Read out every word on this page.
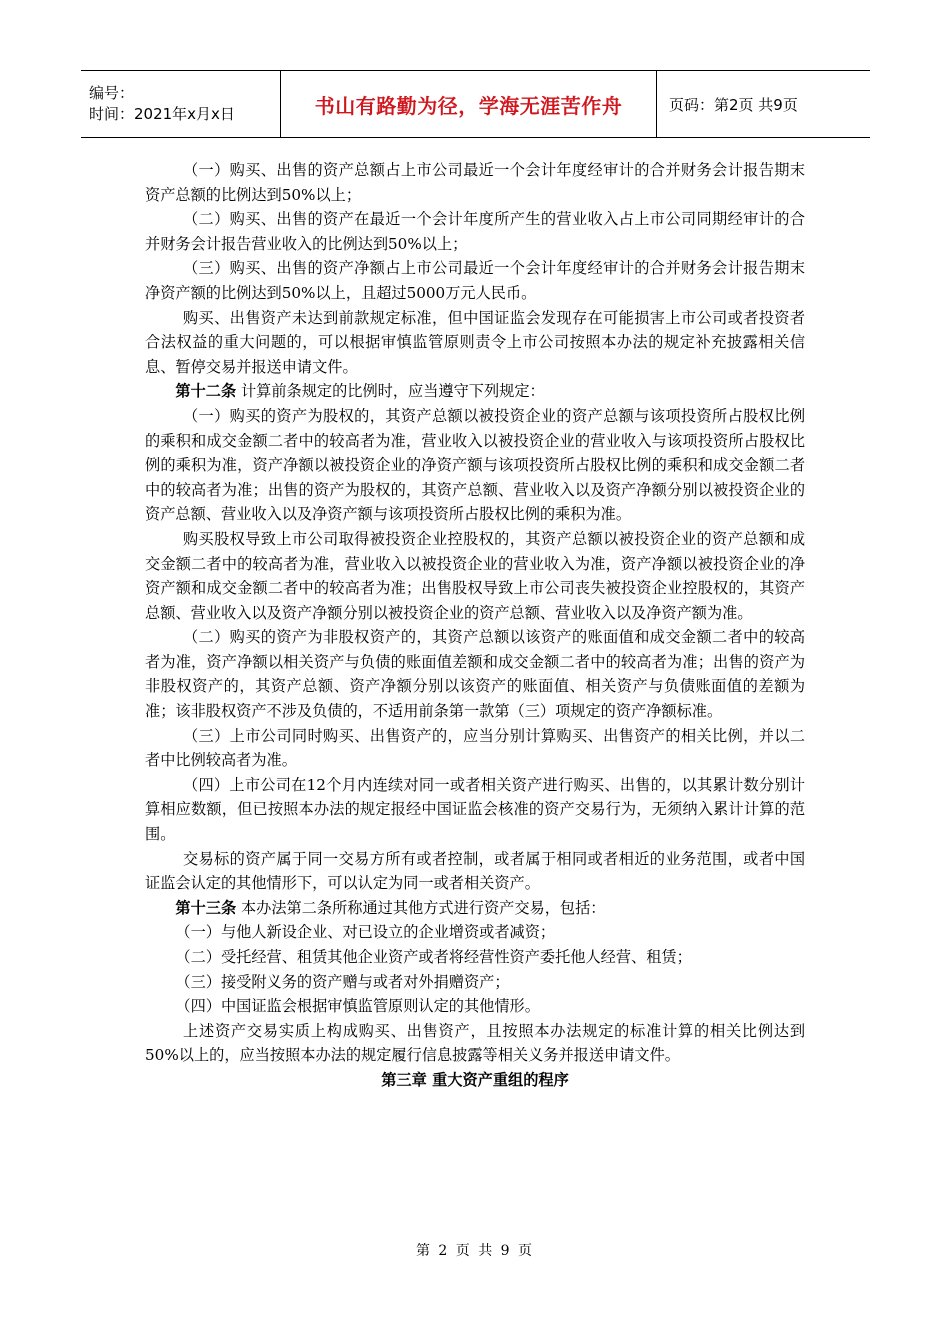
编号：
时间：2021年x月x日	书山有路勤为径，学海无涯苦作舟	页码：第2页 共9页

（一）购买、出售的资产总额占上市公司最近一个会计年度经审计的合并财务会计报告期末资产总额的比例达到50%以上；

（二）购买、出售的资产在最近一个会计年度所产生的营业收入占上市公司同期经审计的合并财务会计报告营业收入的比例达到50%以上；

（三）购买、出售的资产净额占上市公司最近一个会计年度经审计的合并财务会计报告期末净资产额的比例达到50%以上，且超过5000万元人民币。

购买、出售资产未达到前款规定标准，但中国证监会发现存在可能损害上市公司或者投资者合法权益的重大问题的，可以根据审慎监管原则责令上市公司按照本办法的规定补充披露相关信息、暂停交易并报送申请文件。

第十二条 计算前条规定的比例时，应当遵守下列规定：

（一）购买的资产为股权的，其资产总额以被投资企业的资产总额与该项投资所占股权比例的乘积和成交金额二者中的较高者为准，营业收入以被投资企业的营业收入与该项投资所占股权比例的乘积为准，资产净额以被投资企业的净资产额与该项投资所占股权比例的乘积和成交金额二者中的较高者为准；出售的资产为股权的，其资产总额、营业收入以及资产净额分别以被投资企业的资产总额、营业收入以及净资产额与该项投资所占股权比例的乘积为准。

购买股权导致上市公司取得被投资企业控股权的，其资产总额以被投资企业的资产总额和成交金额二者中的较高者为准，营业收入以被投资企业的营业收入为准，资产净额以被投资企业的净资产额和成交金额二者中的较高者为准；出售股权导致上市公司丧失被投资企业控股权的，其资产总额、营业收入以及资产净额分别以被投资企业的资产总额、营业收入以及净资产额为准。

（二）购买的资产为非股权资产的，其资产总额以该资产的账面值和成交金额二者中的较高者为准，资产净额以相关资产与负债的账面值差额和成交金额二者中的较高者为准；出售的资产为非股权资产的，其资产总额、资产净额分别以该资产的账面值、相关资产与负债账面值的差额为准；该非股权资产不涉及负债的，不适用前条第一款第（三）项规定的资产净额标准。

（三）上市公司同时购买、出售资产的，应当分别计算购买、出售资产的相关比例，并以二者中比例较高者为准。

（四）上市公司在12个月内连续对同一或者相关资产进行购买、出售的，以其累计数分别计算相应数额，但已按照本办法的规定报经中国证监会核准的资产交易行为，无须纳入累计计算的范围。

交易标的资产属于同一交易方所有或者控制，或者属于相同或者相近的业务范围，或者中国证监会认定的其他情形下，可以认定为同一或者相关资产。

第十三条 本办法第二条所称通过其他方式进行资产交易，包括：

（一）与他人新设企业、对已设立的企业增资或者减资；

（二）受托经营、租赁其他企业资产或者将经营性资产委托他人经营、租赁；

（三）接受附义务的资产赠与或者对外捐赠资产；

（四）中国证监会根据审慎监管原则认定的其他情形。

上述资产交易实质上构成购买、出售资产，且按照本办法规定的标准计算的相关比例达到50%以上的，应当按照本办法的规定履行信息披露等相关义务并报送申请文件。

第三章 重大资产重组的程序

第 2 页 共 9 页
